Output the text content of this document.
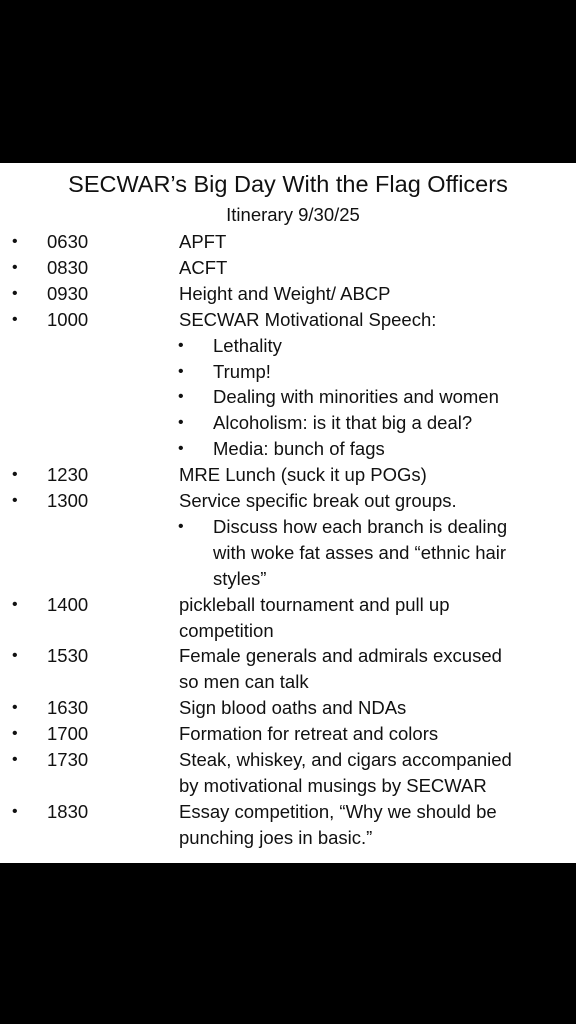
SECWAR’s Big Day With the Flag Officers
Itinerary 9/30/25
• 0630	APFT
• 0830	ACFT
• 0930	Height and Weight/ ABCP
• 1000	SECWAR Motivational Speech:
• Lethality
• Trump!
• Dealing with minorities and women
• Alcoholism: is it that big a deal?
• Media: bunch of fags
• 1230	MRE Lunch (suck it up POGs)
• 1300	Service specific break out groups.
• Discuss how each branch is dealing
with woke fat asses and “ethnic hair
styles”
• 1400	pickleball tournament and pull up
competition
• 1530	Female generals and admirals excused
so men can talk
• 1630	Sign blood oaths and NDAs
• 1700	Formation for retreat and colors
• 1730	Steak, whiskey, and cigars accompanied
by motivational musings by SECWAR
• 1830	Essay competition, “Why we should be
punching joes in basic.”
